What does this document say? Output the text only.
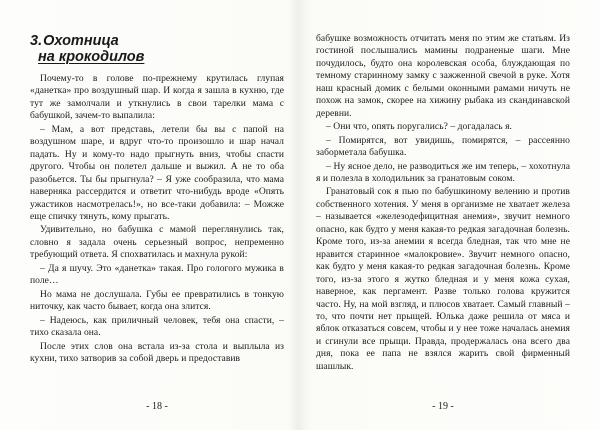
3.Охотница
на крокодилов

Почему-то в голове по-прежнему крутилась глупая «данетка» про воздушный шар. И когда я зашла в кухню, где тут же замолчали и уткнулись в свои тарелки мама с бабушкой, зачем-то выпалила:

– Мам, а вот представь, летели бы вы с папой на воздушном шаре, и вдруг что-то произошло и шар начал падать. Ну и кому-то надо прыгнуть вниз, чтобы спасти другого. Чтобы он полетел дальше и выжил. А не то оба разобьется. Ты бы прыгнула? – Я уже сообразила, что мама наверняка рассердится и ответит что-нибудь вроде «Опять ужастиков насмотрелась!», но все-таки добавила: – Можже еще спичку тянуть, кому прыгать.

Удивительно, но бабушка с мамой переглянулись так, словно я задала очень серьезный вопрос, непременно требующий ответа. Я спохватилась и махнула рукой:

– Да я шучу. Это «данетка» такая. Про гологого мужика в поле…

Но мама не дослушала. Губы ее превратились в тонкую ниточку, как часто бывает, когда она злится.

– Надеюсь, как приличный человек, тебя она спасти, – тихо сказала она.

После этих слов она встала из-за стола и выплыла из кухни, тихо затворив за собой дверь и предоставив

- 18 -

бабушке возможность отчитать меня по этим же статьям. Из гостиной послышались мамины подраненые шаги. Мне почудилось, будто она королевская особа, блуждающая по темному старинному замку с зажженной свечой в руке. Хотя наш красный домик с белыми оконными рамами ничуть не похож на замок, скорее на хижину рыбака из скандинавской деревни.

– Они что, опять поругались? – догадалась я.

– Помирятся, вот увидишь, помирятся, – рассеянно заборметала бабушка.

– Ну ясное дело, не разводиться же им теперь, – хохотнула я и полезла в холодильник за гранатовым соком.

Гранатовый сок я пью по бабушкиному велению и против собственного хотения. У меня в организме не хватает железа – называется «железодефицитная анемия», звучит немного опасно, как будто у меня какая-то редкая загадочная болезнь. Кроме того, из-за анемии я всегда бледная, так что мне не нравится старинное «малокровие». Звучит немного опасно, как будто у меня какая-то редкая загадочная болезнь. Кроме того, из-за этого я жутко бледная и у меня кожа сухая, наверное, как пергамент. Разве только голова кружится часто. Ну, на мой взгляд, и плюсов хватает. Самый главный – то, что почти нет прыщей. Юлька даже решила от мяса и яблок отказаться совсем, чтобы и у нее тоже началась анемия и сгинули все прыщи. Правда, продержалась она всего два дня, пока ее папа не взялся жарить свой фирменный шашлык.

- 19 -
